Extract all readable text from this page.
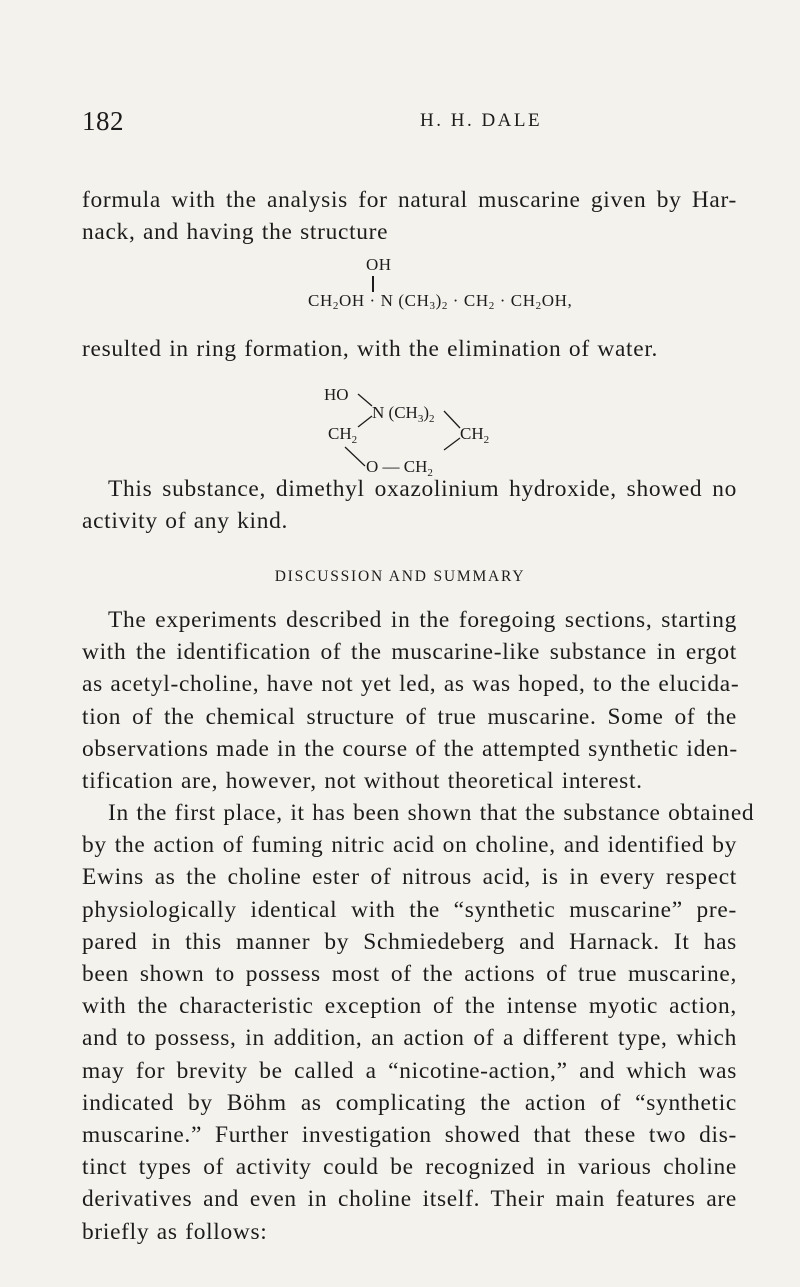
182	H. H. DALE

formula with the analysis for natural muscarine given by Har-
nack, and having the structure

OH
$CH_2OH \cdot N$ $(CH_3)_2 \cdot CH_2 \cdot CH_2OH$,

resulted in ring formation, with the elimination of water.

HO
N $(CH_3)_2$
$CH_2$	$CH_2$
O — $CH_2$

This substance, dimethyl oxazolinium hydroxide, showed no
activity of any kind.

DISCUSSION AND SUMMARY

The experiments described in the foregoing sections, starting
with the identification of the muscarine-like substance in ergot
as acetyl-choline, have not yet led, as was hoped, to the elucida-
tion of the chemical structure of true muscarine. Some of the
observations made in the course of the attempted synthetic iden-
tification are, however, not without theoretical interest.

In the first place, it has been shown that the substance obtained
by the action of fuming nitric acid on choline, and identified by
Ewins as the choline ester of nitrous acid, is in every respect
physiologically identical with the “synthetic muscarine” pre-
pared in this manner by Schmiedeberg and Harnack. It has
been shown to possess most of the actions of true muscarine,
with the characteristic exception of the intense myotic action,
and to possess, in addition, an action of a different type, which
may for brevity be called a “nicotine-action,” and which was
indicated by Böhm as complicating the action of “synthetic
muscarine.” Further investigation showed that these two dis-
tinct types of activity could be recognized in various choline
derivatives and even in choline itself. Their main features are
briefly as follows:
